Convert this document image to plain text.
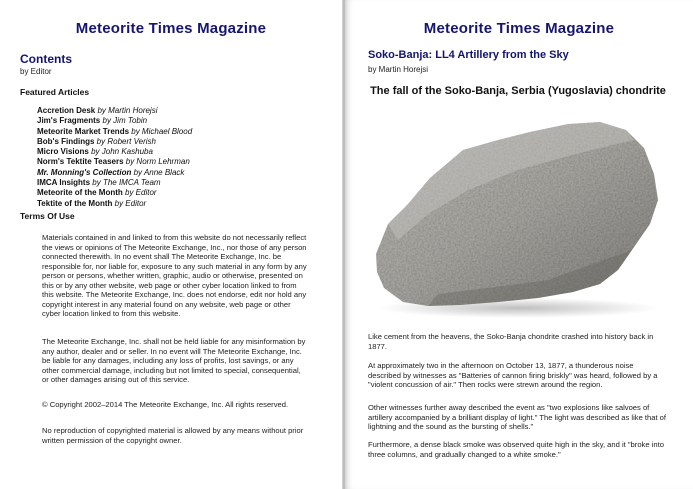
Meteorite Times Magazine
Contents
by Editor
Featured Articles
Accretion Desk by Martin Horejsi
Jim's Fragments by Jim Tobin
Meteorite Market Trends by Michael Blood
Bob's Findings by Robert Verish
Micro Visions by John Kashuba
Norm's Tektite Teasers by Norm Lehrman
Mr. Monning's Collection by Anne Black
IMCA Insights by The IMCA Team
Meteorite of the Month by Editor
Tektite of the Month by Editor
Terms Of Use

Materials contained in and linked to from this website do not necessarily reflect the views or opinions of The Meteorite Exchange, Inc., nor those of any person connected therewith. In no event shall The Meteorite Exchange, Inc. be responsible for, nor liable for, exposure to any such material in any form by any person or persons, whether written, graphic, audio or otherwise, presented on this or by any other website, web page or other cyber location linked to from this website. The Meteorite Exchange, Inc. does not endorse, edit nor hold any copyright interest in any material found on any website, web page or other cyber location linked to from this website.

The Meteorite Exchange, Inc. shall not be held liable for any misinformation by any author, dealer and or seller. In no event will The Meteorite Exchange, Inc. be liable for any damages, including any loss of profits, lost savings, or any other commercial damage, including but not limited to special, consequential, or other damages arising out of this service.

© Copyright 2002–2014 The Meteorite Exchange, Inc. All rights reserved.

No reproduction of copyrighted material is allowed by any means without prior written permission of the copyright owner.

Meteorite Times Magazine
Soko-Banja: LL4 Artillery from the Sky
by Martin Horejsi
The fall of the Soko-Banja, Serbia (Yugoslavia) chondrite

Like cement from the heavens, the Soko-Banja chondrite crashed into history back in 1877.

At approximately two in the afternoon on October 13, 1877, a thunderous noise described by witnesses as "Batteries of cannon firing briskly" was heard, followed by a "violent concussion of air." Then rocks were strewn around the region.

Other witnesses further away described the event as "two explosions like salvoes of artillery accompanied by a brilliant display of light." The light was described as like that of lightning and the sound as the bursting of shells."

Furthermore, a dense black smoke was observed quite high in the sky, and it "broke into three columns, and gradually changed to a white smoke."
